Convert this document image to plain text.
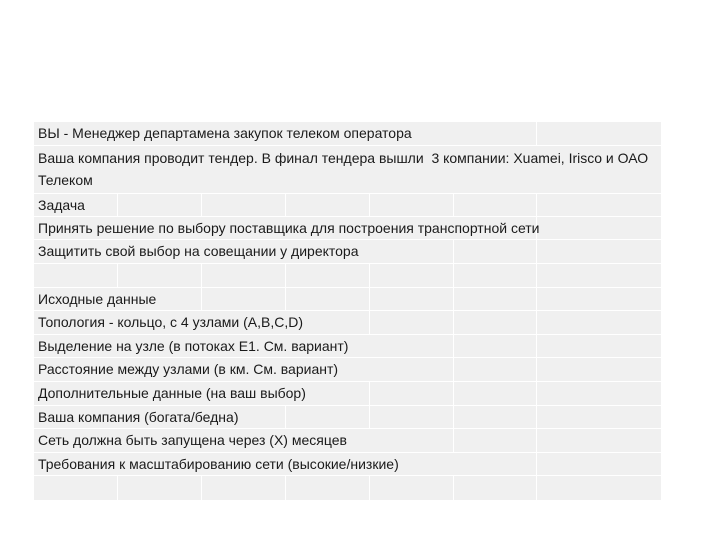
ВЫ - Менеджер департамена закупок телеком оператора
Ваша компания проводит тендер. В финал тендера вышли  3 компании: Xuamei, Irisco и ОАО Телеком
Задача
Принять решение по выбору поставщика для построения транспортной сети
Защитить свой выбор на совещании у директора
Исходные данные
Топология - кольцо, с 4 узлами (A,B,C,D)
Выделение на узле (в потоках Е1. См. вариант)
Расстояние между узлами (в км. См. вариант)
Дополнительные данные (на ваш выбор)
Ваша компания (богата/бедна)
Сеть должна быть запущена через (X) месяцев
Требования к масштабированию сети (высокие/низкие)
